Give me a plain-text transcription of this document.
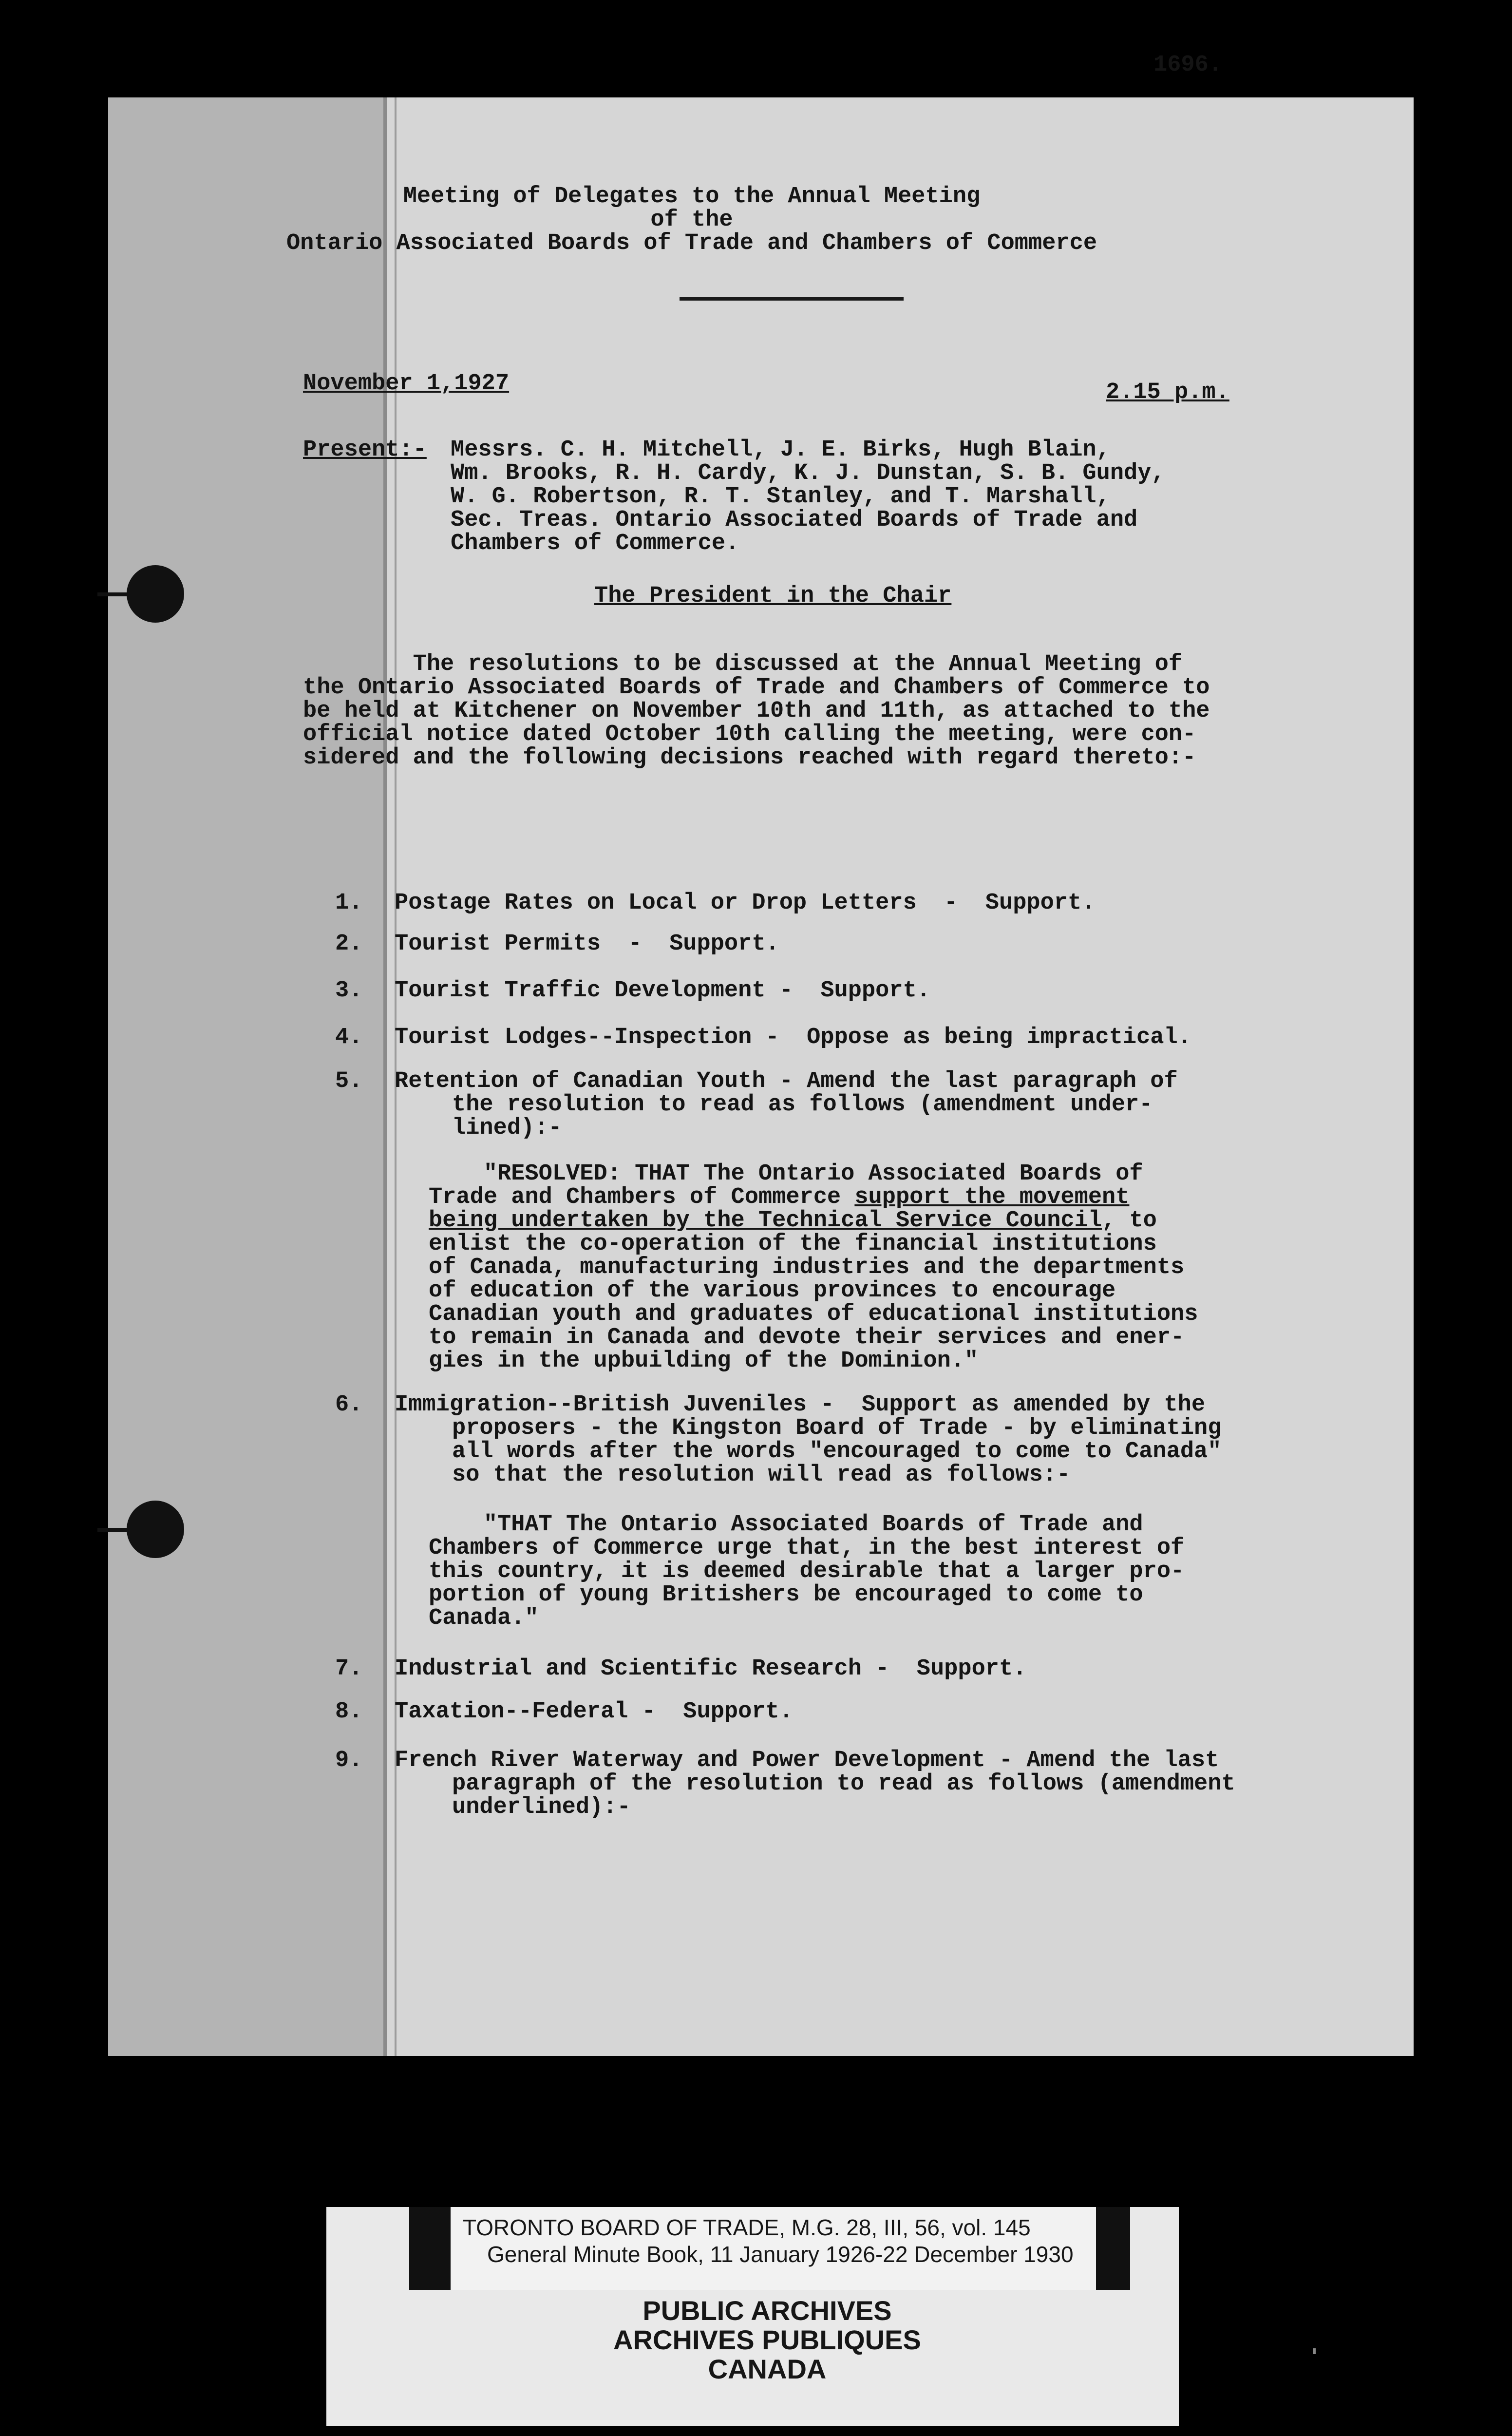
1696.
Meeting of Delegates to the Annual Meeting
of the
Ontario Associated Boards of Trade and Chambers of Commerce
November 1,1927	2.15 p.m.
Present:- Messrs. C. H. Mitchell, J. E. Birks, Hugh Blain,
Wm. Brooks, R. H. Cardy, K. J. Dunstan, S. B. Gundy,
W. G. Robertson, R. T. Stanley, and T. Marshall,
Sec. Treas. Ontario Associated Boards of Trade and
Chambers of Commerce.
The President in the Chair
The resolutions to be discussed at the Annual Meeting of
the Ontario Associated Boards of Trade and Chambers of Commerce to
be held at Kitchener on November 10th and 11th, as attached to the
official notice dated October 10th calling the meeting, were con-
sidered and the following decisions reached with regard thereto:-
1. Postage Rates on Local or Drop Letters  -  Support.
2. Tourist Permits  -  Support.
3. Tourist Traffic Development -  Support.
4. Tourist Lodges--Inspection -  Oppose as being impractical.
5. Retention of Canadian Youth - Amend the last paragraph of
the resolution to read as follows (amendment under-
lined):-
"RESOLVED: THAT The Ontario Associated Boards of
Trade and Chambers of Commerce support the movement
being undertaken by the Technical Service Council, to
enlist the co-operation of the financial institutions
of Canada, manufacturing industries and the departments
of education of the various provinces to encourage
Canadian youth and graduates of educational institutions
to remain in Canada and devote their services and ener-
gies in the upbuilding of the Dominion."
6. Immigration--British Juveniles -  Support as amended by the
proposers - the Kingston Board of Trade - by eliminating
all words after the words "encouraged to come to Canada"
so that the resolution will read as follows:-
"THAT The Ontario Associated Boards of Trade and
Chambers of Commerce urge that, in the best interest of
this country, it is deemed desirable that a larger pro-
portion of young Britishers be encouraged to come to
Canada."
7. Industrial and Scientific Research -  Support.
8. Taxation--Federal -  Support.
9. French River Waterway and Power Development - Amend the last
paragraph of the resolution to read as follows (amendment
underlined):-
TORONTO BOARD OF TRADE, M.G. 28, III, 56, vol. 145
General Minute Book, 11 January 1926-22 December 1930
PUBLIC ARCHIVES
ARCHIVES PUBLIQUES
CANADA
